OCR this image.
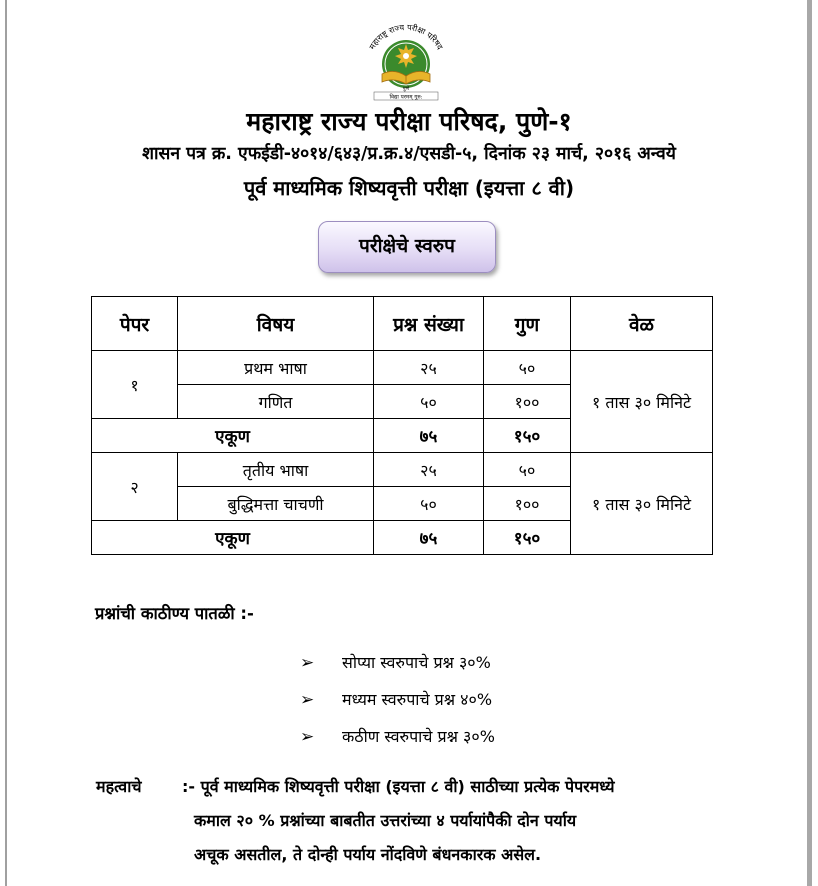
महाराष्ट्र राज्य परीक्षा परिषद
पुणे
विद्या परमम् गुरु:
महाराष्ट्र राज्य परीक्षा परिषद, पुणे-१
शासन पत्र क्र. एफईडी-४०१४/६४३/प्र.क्र.४/एसडी-५, दिनांक २३ मार्च, २०१६ अन्वये
पूर्व माध्यमिक शिष्यवृत्ती परीक्षा (इयत्ता ८ वी)
परीक्षेचे स्वरुप
पेपर	विषय	प्रश्न संख्या	गुण	वेळ
१	प्रथम भाषा	२५	५०	१ तास ३० मिनिटे
	गणित	५०	१००	
एकूण		७५	१५०	
२	तृतीय भाषा	२५	५०	१ तास ३० मिनिटे
	बुद्धिमत्ता चाचणी	५०	१००	
एकूण		७५	१५०	
प्रश्नांची काठीण्य पातळी :-
➢ सोप्या स्वरुपाचे प्रश्न ३०%
➢ मध्यम स्वरुपाचे प्रश्न ४०%
➢ कठीण स्वरुपाचे प्रश्न ३०%
महत्वाचे	:- पूर्व माध्यमिक शिष्यवृत्ती परीक्षा (इयत्ता ८ वी) साठीच्या प्रत्येक पेपरमध्ये
कमाल २० % प्रश्नांच्या बाबतीत उत्तरांच्या ४ पर्यायांपैकी दोन पर्याय
अचूक असतील, ते दोन्ही पर्याय नोंदविणे बंधनकारक असेल.
